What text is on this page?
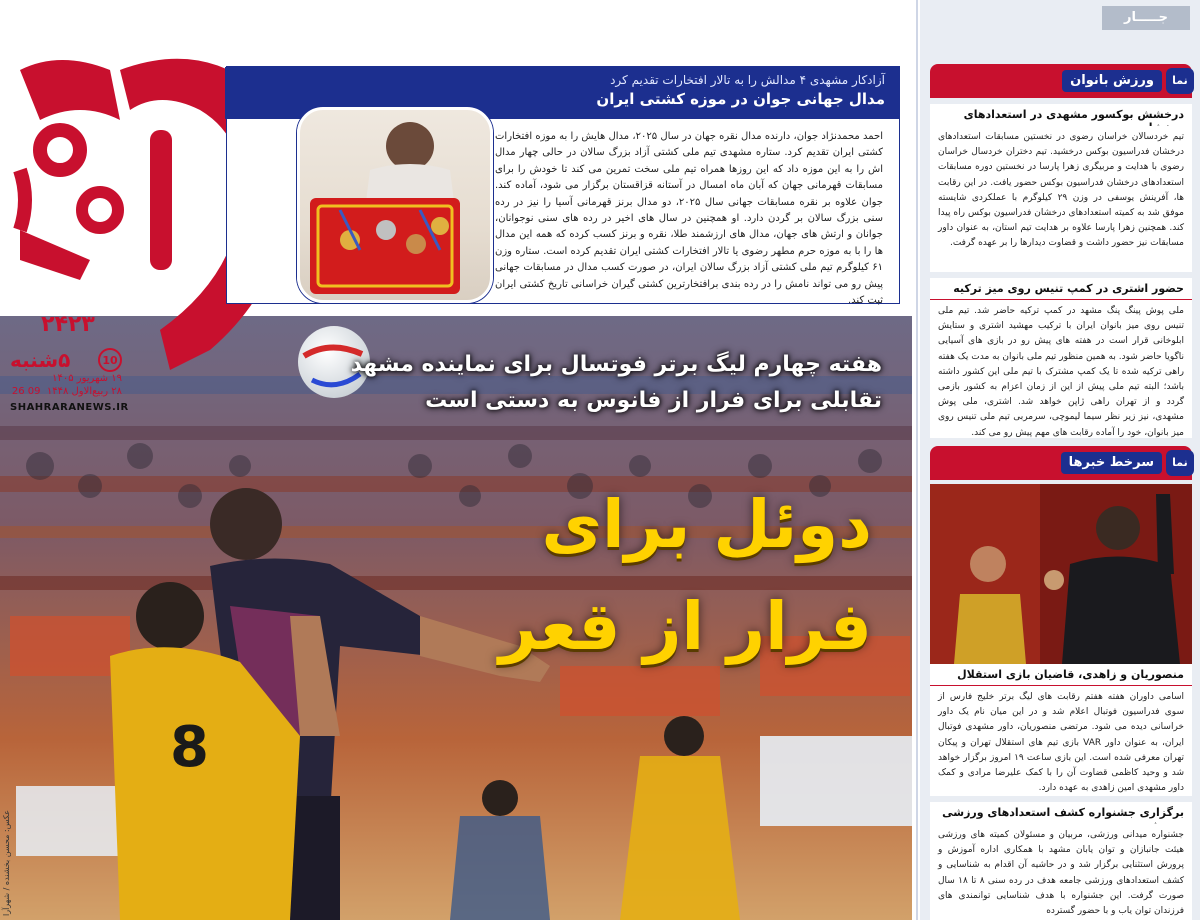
8
هفته چهارم لیگ برتر فوتسال برای نماینده مشهد
تقابلی برای فرار از فانوس به دستی است
دوئل برای
فرار از قعر
عکس: محسن بخشنده / شهرآرا
۲۴۲۳
۵شنبه	10
۱۹ شهریور ۱۴۰۵
۲۸ ربیع‌الاول ۱۴۴۸  09 26
SHAHRARANEWS.IR
آزادکار مشهدی ۴ مدالش را به تالار افتخارات تقدیم کرد
مدال جهانی جوان در موزه کشتی ایران
احمد محمدنژاد جوان، دارنده مدال نقره جهان در سال ۲۰۲۵، مدال هایش را به موزه افتخارات کشتی ایران تقدیم کرد. ستاره مشهدی تیم ملی کشتی آزاد بزرگ سالان در حالی چهار مدال اش را به این موزه داد که این روزها همراه تیم ملی سخت تمرین می کند تا خودش را برای مسابقات قهرمانی جهان که آبان ماه امسال در آستانه قزاقستان برگزار می شود، آماده کند. جوان علاوه بر نقره مسابقات جهانی سال ۲۰۲۵، دو مدال برنز قهرمانی آسیا را نیز در رده سنی بزرگ سالان بر گردن دارد. او همچنین در سال های اخیر در رده های سنی نوجوانان، جوانان و ارتش های جهان، مدال های ارزشمند طلا، نقره و برنز کسب کرده که همه این مدال ها را با به موزه حرم مطهر رضوی یا تالار افتخارات کشتی ایران تقدیم کرده است. ستاره وزن ۶۱ کیلوگرم تیم ملی کشتی آزاد بزرگ سالان ایران، در صورت کسب مدال در مسابقات جهانی پیش رو می تواند نامش را در رده بندی برافتخارترین کشتی گیران خراسانی تاریخ کشتی ایران ثبت کند.
جـــــار
نما
ورزش بانوان
درخشش بوکسور مشهدی در استعدادهای
تیم خردسالان خراسان رضوی در نخستین مسابقات استعدادهای درخشان فدراسیون بوکس درخشید. تیم دختران خردسال خراسان رضوی با هدایت و مربیگری زهرا پارسا در نخستین دوره مسابقات استعدادهای درخشان فدراسیون بوکس حضور یافت. در این رقابت ها، آفرینش یوسفی در وزن ۲۹ کیلوگرم با عملکردی شایسته موفق شد به کمیته استعدادهای درخشان فدراسیون بوکس راه پیدا کند. همچنین زهرا پارسا علاوه بر هدایت تیم استان، به عنوان داور مسابقات نیز حضور داشت و قضاوت دیدارها را بر عهده گرفت.
حضور اشتری در کمپ تنیس روی میز ترکیه
ملی پوش پینگ پنگ مشهد در کمپ ترکیه حاضر شد. تیم ملی تنیس روی میز بانوان ایران با ترکیب مهشید اشتری و ستایش ابلوخانی قرار است در هفته های پیش رو در بازی های آسیایی ناگویا حاضر شود. به همین منظور تیم ملی بانوان به مدت یک هفته راهی ترکیه شده تا یک کمپ مشترک با تیم ملی این کشور داشته باشد؛ البته تیم ملی پیش از این از زمان اعزام به کشور بازمی گردد و از تهران راهی ژاپن خواهد شد. اشتری، ملی پوش مشهدی، نیز زیر نظر سیما لیموچی، سرمربی تیم ملی تنیس روی میز بانوان، خود را آماده رقابت های مهم پیش رو می کند.
نما
سرخط خبرها
منصوریان و زاهدی، قاضیان بازی استقلال
اسامی داوران هفته هفتم رقابت های لیگ برتر خلیج فارس از سوی فدراسیون فوتبال اعلام شد و در این میان نام یک داور خراسانی دیده می شود. مرتضی منصوریان، داور مشهدی فوتبال ایران، به عنوان داور VAR بازی تیم های استقلال تهران و پیکان تهران معرفی شده است. این بازی ساعت ۱۹ امروز برگزار خواهد شد و وحید کاظمی قضاوت آن را با کمک علیرضا مرادی و کمک داور مشهدی امین زاهدی به عهده دارد.
برگزاری جشنواره کشف استعدادهای ورزشی
جشنواره میدانی ورزشی، مربیان و مسئولان کمیته های ورزشی هیئت جانبازان و توان یابان مشهد با همکاری اداره آموزش و پرورش استثنایی برگزار شد و در حاشیه آن اقدام به شناسایی و کشف استعدادهای ورزشی جامعه هدف در رده سنی ۸ تا ۱۸ سال صورت گرفت. این جشنواره با هدف شناسایی توانمندی های فرزندان توان یاب و با حضور گسترده
